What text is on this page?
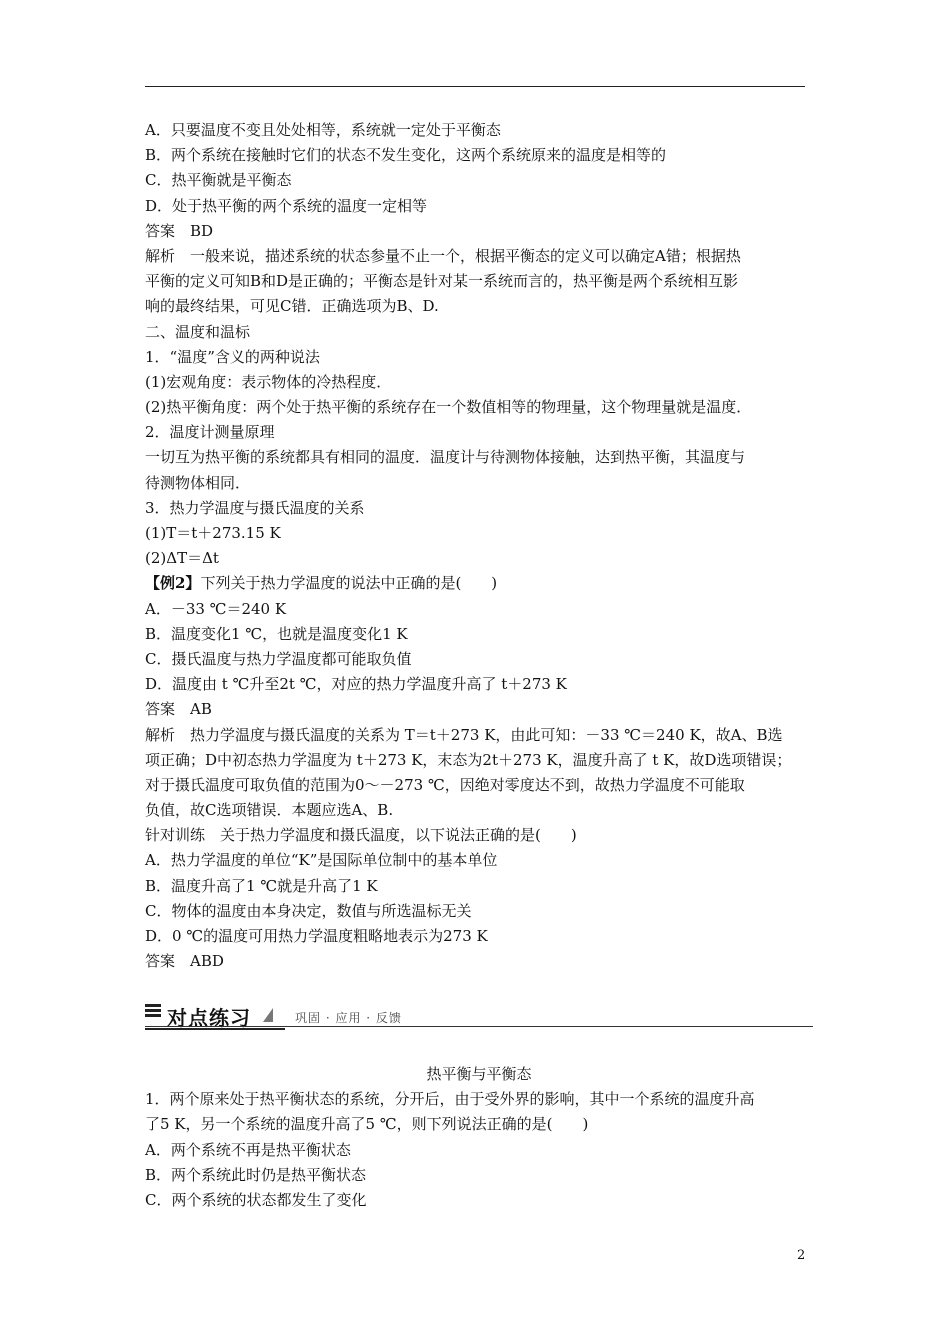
A．只要温度不变且处处相等，系统就一定处于平衡态
B．两个系统在接触时它们的状态不发生变化，这两个系统原来的温度是相等的
C．热平衡就是平衡态
D．处于热平衡的两个系统的温度一定相等
答案　BD
解析　一般来说，描述系统的状态参量不止一个，根据平衡态的定义可以确定A错；根据热
平衡的定义可知B和D是正确的；平衡态是针对某一系统而言的，热平衡是两个系统相互影
响的最终结果，可见C错．正确选项为B、D.
二、温度和温标
1．“温度”含义的两种说法
(1)宏观角度：表示物体的冷热程度．
(2)热平衡角度：两个处于热平衡的系统存在一个数值相等的物理量，这个物理量就是温度．
2．温度计测量原理
一切互为热平衡的系统都具有相同的温度．温度计与待测物体接触，达到热平衡，其温度与
待测物体相同．
3．热力学温度与摄氏温度的关系
(1)T＝t＋273.15 K
(2)ΔT＝Δt
【例2】下列关于热力学温度的说法中正确的是(　　)
A．－33 ℃＝240 K
B．温度变化1 ℃，也就是温度变化1 K
C．摄氏温度与热力学温度都可能取负值
D．温度由 t ℃升至2t ℃，对应的热力学温度升高了 t＋273 K
答案　AB
解析　热力学温度与摄氏温度的关系为 T＝t＋273 K，由此可知：－33 ℃＝240 K，故A、B选
项正确；D中初态热力学温度为 t＋273 K，末态为2t＋273 K，温度升高了 t K，故D选项错误；
对于摄氏温度可取负值的范围为0～－273 ℃，因绝对零度达不到，故热力学温度不可能取
负值，故C选项错误．本题应选A、B.
针对训练　关于热力学温度和摄氏温度，以下说法正确的是(　　)
A．热力学温度的单位“K”是国际单位制中的基本单位
B．温度升高了1 ℃就是升高了1 K
C．物体的温度由本身决定，数值与所选温标无关
D．0 ℃的温度可用热力学温度粗略地表示为273 K
答案　ABD
对点练习	巩固 · 应用 · 反馈
热平衡与平衡态
1．两个原来处于热平衡状态的系统，分开后，由于受外界的影响，其中一个系统的温度升高
了5 K，另一个系统的温度升高了5 ℃，则下列说法正确的是(　　)
A．两个系统不再是热平衡状态
B．两个系统此时仍是热平衡状态
C．两个系统的状态都发生了变化
2
